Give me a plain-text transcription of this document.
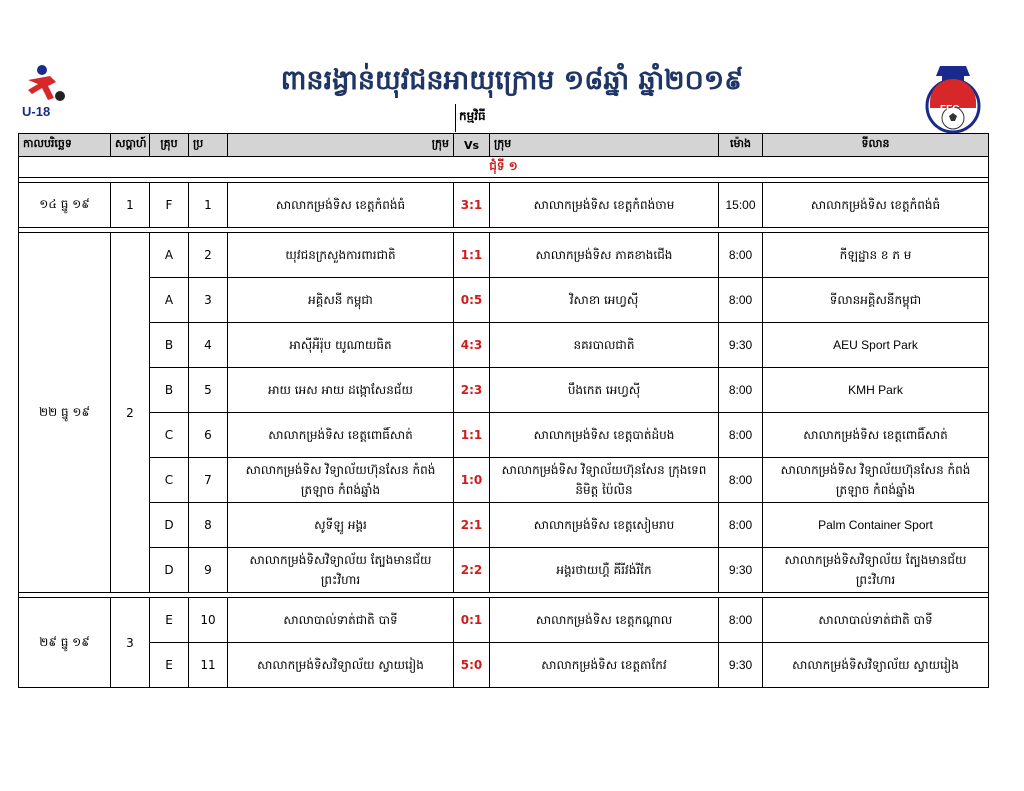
U-18	FFC
ពានរង្វាន់យុវជនអាយុក្រោម ១៨ឆ្នាំ ឆ្នាំ២០១៩
កម្មវិធី
កាលបរិច្ឆេទ	សប្តាហ៍	គ្រុប	ប្រ	ក្រុម	Vs	ក្រុម	ម៉ោង	ទីលាន
ជុំទី ១								

១៤ ធ្នូ ១៩	1	F	1	សាលាកម្រង់ទិស ខេត្តកំពង់ធំ	3:1	សាលាកម្រង់ទិស ខេត្តកំពង់ចាម	15:00	សាលាកម្រង់ទិស ខេត្តកំពង់ធំ

២២ ធ្នូ ១៩	2	A	2	យុវជនក្រសួងការពារជាតិ	1:1	សាលាកម្រង់ទិស ភាគខាងជើង	8:00	កីឡដ្ឋាន ខ ភ ម
		A	3	អគ្គិសនី កម្ពុជា	0:5	វិសាខា អេហ្វស៊ី	8:00	ទីលានអគ្គិសនីកម្ពុជា
		B	4	អាស៊ីអឺរ៉ុប យូណាយធិត	4:3	នគរបាលជាតិ	9:30	AEU Sport Park
		B	5	អាយ អេស អាយ ដង្កោសែនជ័យ	2:3	បឹងកេត អេហ្វស៊ី	8:00	KMH Park
		C	6	សាលាកម្រង់ទិស ខេត្តពោធិ៍សាត់	1:1	សាលាកម្រង់ទិស ខេត្តបាត់ដំបង	8:00	សាលាកម្រង់ទិស ខេត្តពោធិ៍សាត់
		C	7	សាលាកម្រង់ទិស វិទ្យាល័យហ៊ុនសែន កំពង់ត្រឡាច កំពង់ឆ្នាំង	1:0	សាលាកម្រង់ទិស វិទ្យាល័យហ៊ុនសែន ក្រុងទេពនិមិត្ត ប៉ៃលិន	8:00	សាលាកម្រង់ទិស វិទ្យាល័យហ៊ុនសែន កំពង់ត្រឡាច កំពង់ឆ្នាំង
		D	8	សូទីឡូ អង្គរ	2:1	សាលាកម្រង់ទិស ខេត្តសៀមរាប	8:00	Palm Container Sport
		D	9	សាលាកម្រង់ទិសវិទ្យាល័យ ត្បែងមានជ័យ ព្រះវិហារ	2:2	អង្គរថាយហ្គឺ គីរីវង់រីកែ	9:30	សាលាកម្រង់ទិសវិទ្យាល័យ ត្បែងមានជ័យ ព្រះវិហារ

២៩ ធ្នូ ១៩	3	E	10	សាលាបាល់ទាត់ជាតិ បាទី	0:1	សាលាកម្រង់ទិស ខេត្តកណ្តាល	8:00	សាលាបាល់ទាត់ជាតិ បាទី
		E	11	សាលាកម្រង់ទិសវិទ្យាល័យ ស្វាយរៀង	5:0	សាលាកម្រង់ទិស ខេត្តតាកែវ	9:30	សាលាកម្រង់ទិសវិទ្យាល័យ ស្វាយរៀង
